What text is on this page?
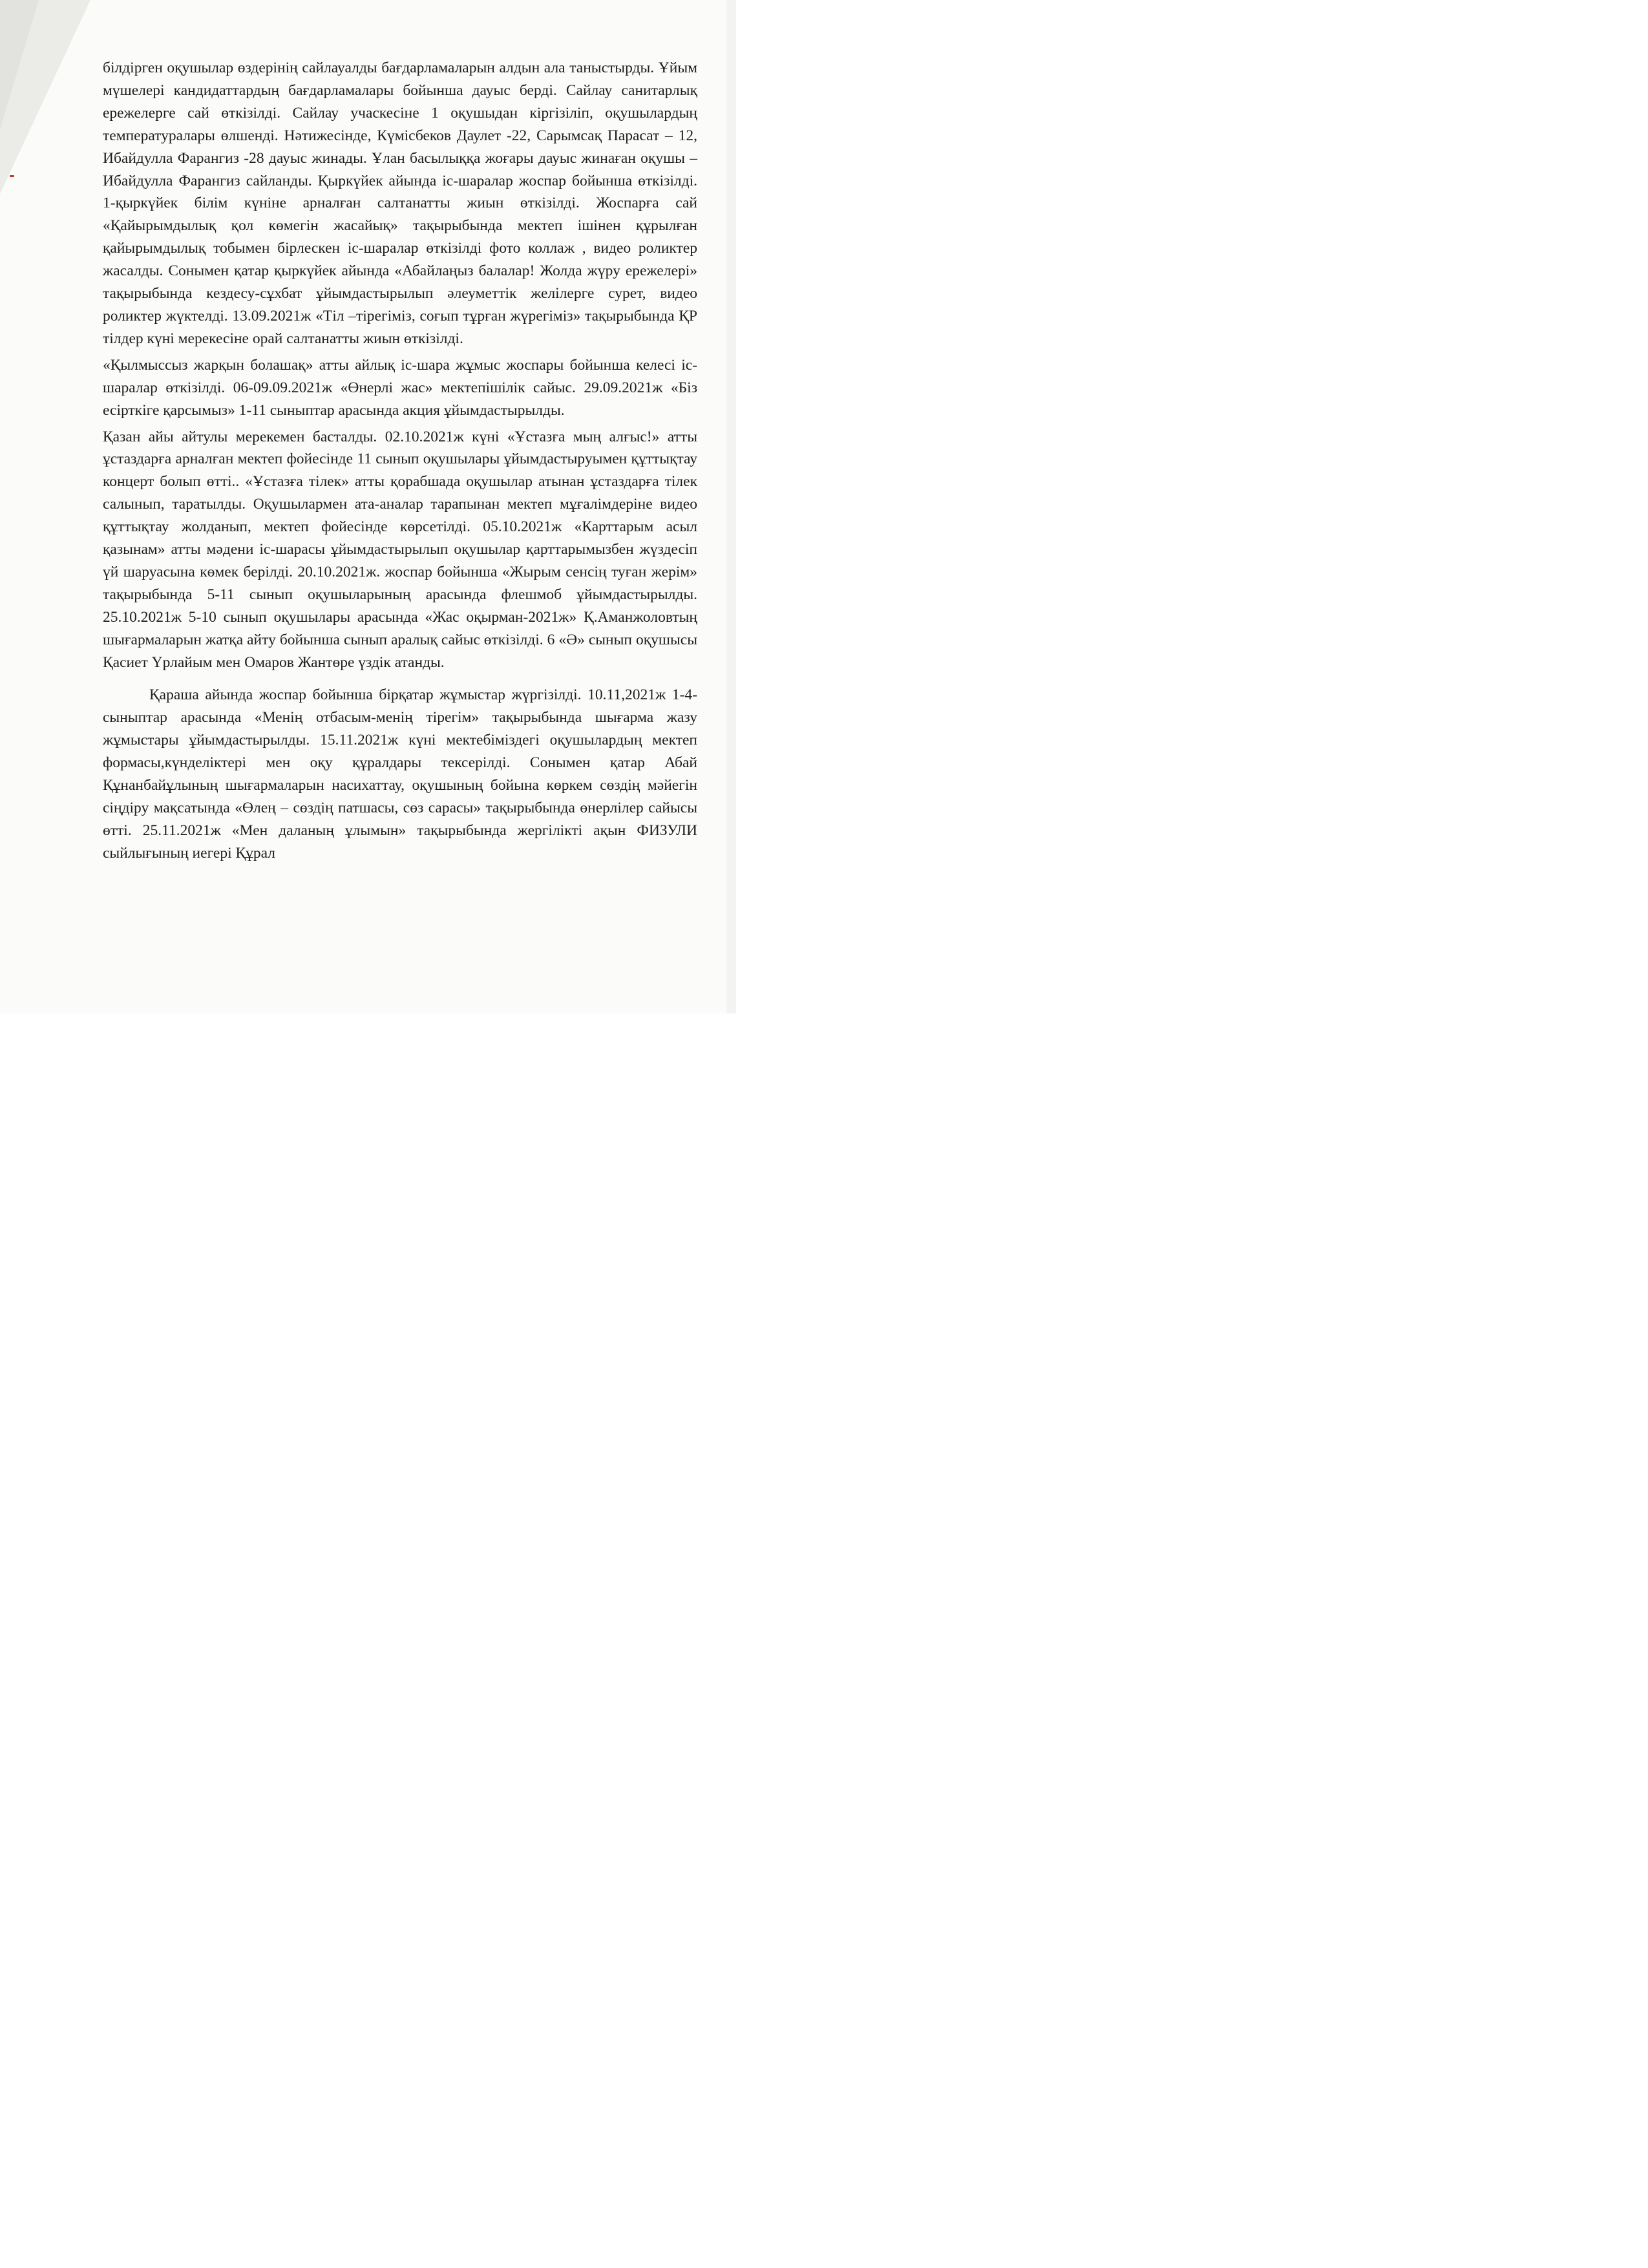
білдірген оқушылар өздерінің сайлауалды бағдарламаларын алдын ала таныстырды. Ұйым мүшелері кандидаттардың бағдарламалары бойынша дауыс берді. Сайлау санитарлық ережелерге сай өткізілді. Сайлау учаскесіне 1 оқушыдан кіргізіліп, оқушылардың температуралары өлшенді. Нәтижесінде, Күмісбеков Даулет -22, Сарымсақ Парасат – 12, Ибайдулла Фарангиз -28 дауыс жинады. Ұлан басылыққа жоғары дауыс жинаған оқушы – Ибайдулла Фарангиз сайланды. Қыркүйек айында іс-шаралар жоспар бойынша өткізілді. 1-қыркүйек білім күніне арналған салтанатты жиын өткізілді. Жоспарға сай «Қайырымдылық қол көмегін жасайық» тақырыбында мектеп ішінен құрылған қайырымдылық тобымен бірлескен іс-шаралар өткізілді фото коллаж , видео роликтер жасалды. Сонымен қатар қыркүйек айында «Абайлаңыз балалар! Жолда жүру ережелері» тақырыбында кездесу-сұхбат ұйымдастырылып әлеуметтік желілерге сурет, видео роликтер жүктелді. 13.09.2021ж «Тіл –тірегіміз, соғып тұрған жүрегіміз» тақырыбында ҚР тілдер күні мерекесіне орай салтанатты жиын өткізілді.

«Қылмыссыз жарқын болашақ» атты айлық іс-шара жұмыс жоспары бойынша келесі іс-шаралар өткізілді. 06-09.09.2021ж «Өнерлі жас» мектепішілік сайыс. 29.09.2021ж «Біз есірткіге қарсымыз» 1-11 сыныптар арасында акция ұйымдастырылды.

Қазан айы айтулы мерекемен басталды. 02.10.2021ж күні «Ұстазға мың алғыс!» атты ұстаздарға арналған мектеп фойесінде 11 сынып оқушылары ұйымдастыруымен құттықтау концерт болып өтті.. «Ұстазға тілек» атты қорабшада оқушылар атынан ұстаздарға тілек салынып, таратылды. Оқушылармен ата-аналар тарапынан мектеп мұғалімдеріне видео құттықтау жолданып, мектеп фойесінде көрсетілді. 05.10.2021ж «Карттарым асыл қазынам» атты мәдени іс-шарасы ұйымдастырылып оқушылар қарттарымызбен жүздесіп үй шаруасына көмек берілді. 20.10.2021ж. жоспар бойынша «Жырым сенсің туған жерім» тақырыбында 5-11 сынып оқушыларының арасында флешмоб ұйымдастырылды. 25.10.2021ж 5-10 сынып оқушылары арасында «Жас оқырман-2021ж» Қ.Аманжоловтың шығармаларын жатқа айту бойынша сынып аралық сайыс өткізілді. 6 «Ә» сынып оқушысы Қасиет Үрлайым мен Омаров Жантөре үздік атанды.

Қараша айында жоспар бойынша бірқатар жұмыстар жүргізілді. 10.11,2021ж 1-4- сыныптар арасында «Менің отбасым-менің тірегім» тақырыбында шығарма жазу жұмыстары ұйымдастырылды. 15.11.2021ж күні мектебіміздегі оқушылардың мектеп формасы,күнделіктері мен оқу құралдары тексерілді. Сонымен қатар Абай Құнанбайұлының шығармаларын насихаттау, оқушының бойына көркем сөздің мәйегін сіңдіру мақсатында «Өлең – сөздің патшасы, сөз сарасы» тақырыбында өнерлілер сайысы өтті. 25.11.2021ж «Мен даланың ұлымын» тақырыбында жергілікті ақын ФИЗУЛИ сыйлығының иегері Құрал
